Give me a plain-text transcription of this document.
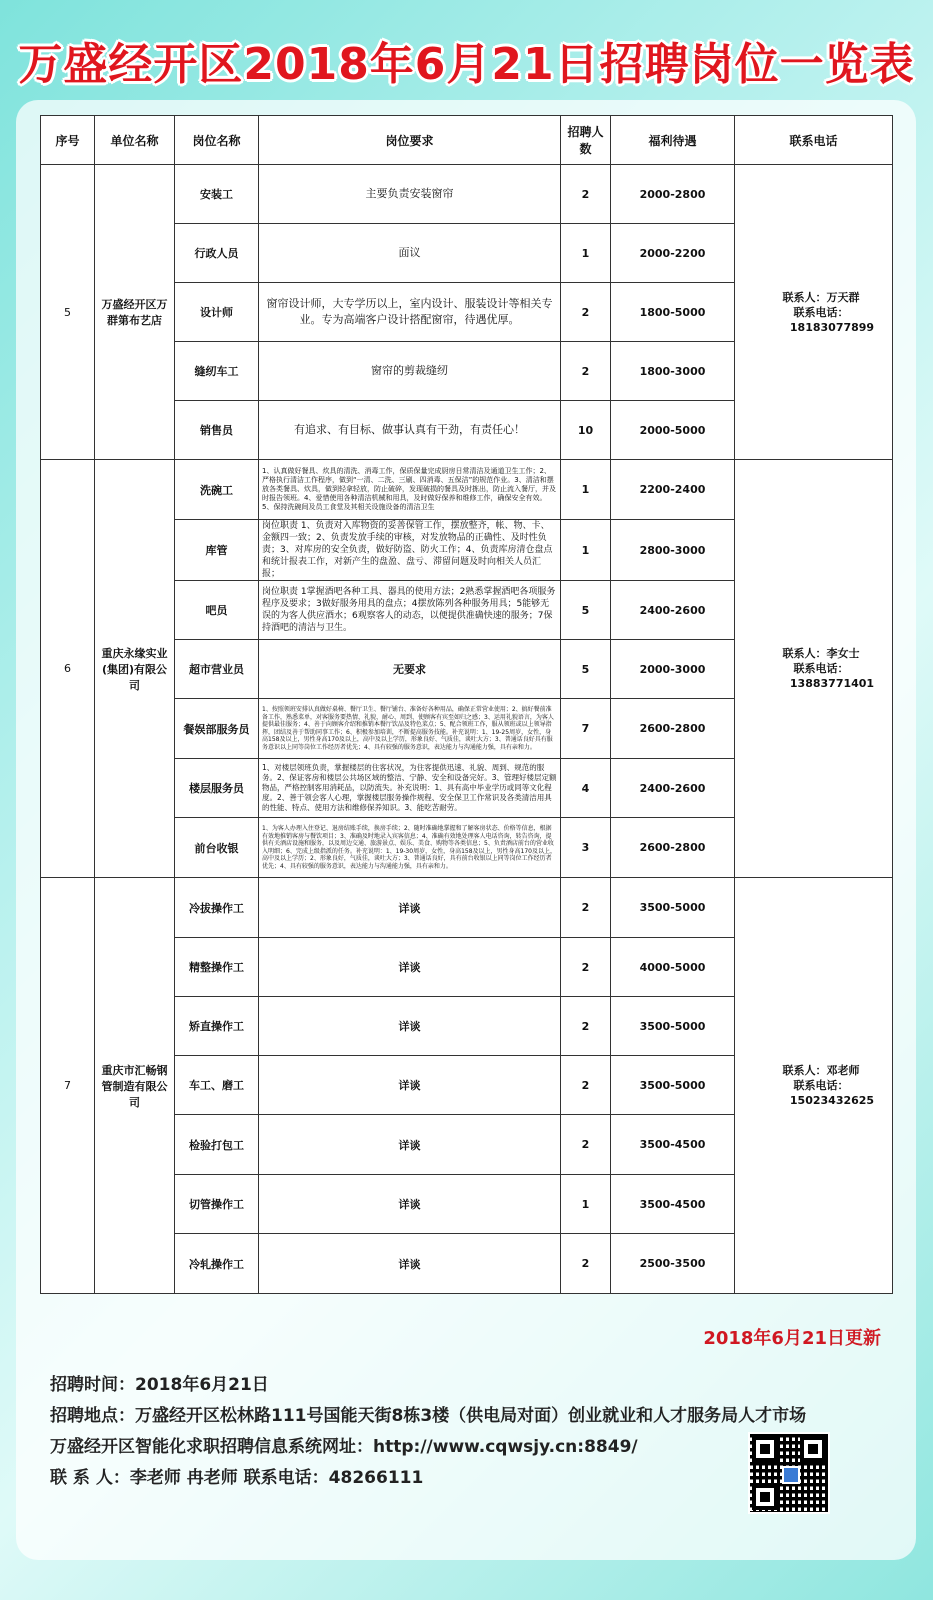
万盛经开区2018年6月21日招聘岗位一览表
序号	单位名称	岗位名称	岗位要求	招聘人数	福利待遇	联系电话
5	万盛经开区万群第布艺店	安装工	主要负责安装窗帘	2	2000-2800	联系人：万天群
联系电话：
18183077899

		行政人员	面议	1	2000-2200	
		设计师	窗帘设计师，大专学历以上，室内设计、服装设计等相关专业。专为高端客户设计搭配窗帘，待遇优厚。	2	1800-5000	
		缝纫车工	窗帘的剪裁缝纫	2	1800-3000	
		销售员	有追求、有目标、做事认真有干劲，有责任心！	10	2000-5000	
6	重庆永缘实业(集团)有限公司	洗碗工	1、认真做好餐具、炊具的清洗、消毒工作，保质保量完成厨房日常清洁及通道卫生工作；2、严格执行清洁工作程序，做到“一清、二洗、三刷、四消毒、五保洁”的规范作业。3、清洁和摆放各类餐具、炊具，做到轻拿轻放，防止破碎，发现破损的餐具及时拣出，防止流入餐厅，并及时报告领班。4、爱惜使用各种清洁机械和用具，及时做好保养和维修工作，确保安全有效。5、保持洗碗间及员工食堂及其相关设施设备的清洁卫生	1	2200-2400	联系人：李女士
联系电话：
13883771401

		库管	岗位职责 1、负责对入库物资的妥善保管工作，摆放整齐，帐、物、卡、金额四一致；2、负责发放手续的审核，对发放物品的正确性、及时性负责；3、对库房的安全负责，做好防盗、防火工作；4、负责库房清仓盘点和统计报表工作，对新产生的盘盈、盘亏、滞留问题及时向相关人员汇报；	1	2800-3000	
		吧员	岗位职责 1掌握酒吧各种工具、器具的使用方法；2熟悉掌握酒吧各项服务程序及要求；3做好服务用具的盘点；4摆放陈列各种服务用具；5能够无误的为客人供应酒水；6观察客人的动态，以便提供准确快速的服务；7保持酒吧的清洁与卫生。	5	2400-2600	
		超市营业员	无要求	5	2000-3000	
		餐娱部服务员	1、按照领班安排认真做好桌椅、餐厅卫生、餐厅铺台、准备好各种用品，确保正常营业使用；2、搞好餐前准备工作，熟悉菜单，对客服务要热情、礼貌、耐心、周到、使顾客有宾至如归之感；3、运用礼貌语言，为客人提供最佳服务；4、善于向顾客介绍和推销本餐厅饮品及特色菜点；5、配合领班工作，服从领班或以上领导指挥，团结及善于帮助同事工作；6、积极参加培训，不断提高服务技能。补充说明：1、19-25周岁，女性，身高158及以上，男性身高170及以上，高中及以上学历，形象良好、气质佳，谈吐大方；3、普通话良好具有服务意识以上同等岗位工作经历者优先；4、具有较强的服务意识，表达能力与沟通能力强，具有亲和力。	7	2600-2800	
		楼层服务员	1、对楼层领班负责，掌握楼层的住客状况，为住客提供迅速、礼貌、周到、规范的服务。2、保证客房和楼层公共场区域的整洁、宁静、安全和设备完好。3、管理好楼层定额物品，严格控制客用消耗品，以防流失。补充说明：1、具有高中毕业学历或同等文化程度。2、善于领会客人心理，掌握楼层服务操作规程、安全保卫工作常识及各类清洁用具的性能、特点、使用方法和维修保养知识。3、能吃苦耐劳。	4	2400-2600	
		前台收银	1、为客人办理入住登记、退房结账手续，换房手续；2、随时准确地掌握和了解客房状态、价格等信息，根据有效地推销客房与餐饮项目；3、准确及时地录入宾客信息；4、准确有效地处理客人电话咨询，转告咨询，提供有关酒店设施和服务，以及周边交通、旅游景点、娱乐、美食、购物等各类信息；5、负责酒店前台的营业收入明细；6、完成上级指派的任务。补充说明：1、19-30周岁，女性，身高158及以上，男性身高170及以上，高中及以上学历；2、形象良好，气质佳，谈吐大方；3、普通话良好，具有前台收银以上同等岗位工作经历者优先；4、具有较强的服务意识，表达能力与沟通能力强，具有亲和力。	3	2600-2800	
7	重庆市汇畅钢管制造有限公司	冷拔操作工	详谈	2	3500-5000	联系人：邓老师
联系电话：
15023432625

		精整操作工	详谈	2	4000-5000	
		矫直操作工	详谈	2	3500-5000	
		车工、磨工	详谈	2	3500-5000	
		检验打包工	详谈	2	3500-4500	
		切管操作工	详谈	1	3500-4500	
		冷轧操作工	详谈	2	2500-3500	
2018年6月21日更新
招聘时间：2018年6月21日
招聘地点：万盛经开区松林路111号国能天街8栋3楼（供电局对面）创业就业和人才服务局人才市场
万盛经开区智能化求职招聘信息系统网址：http://www.cqwsjy.cn:8849/
联 系 人：李老师 冉老师 联系电话：48266111
